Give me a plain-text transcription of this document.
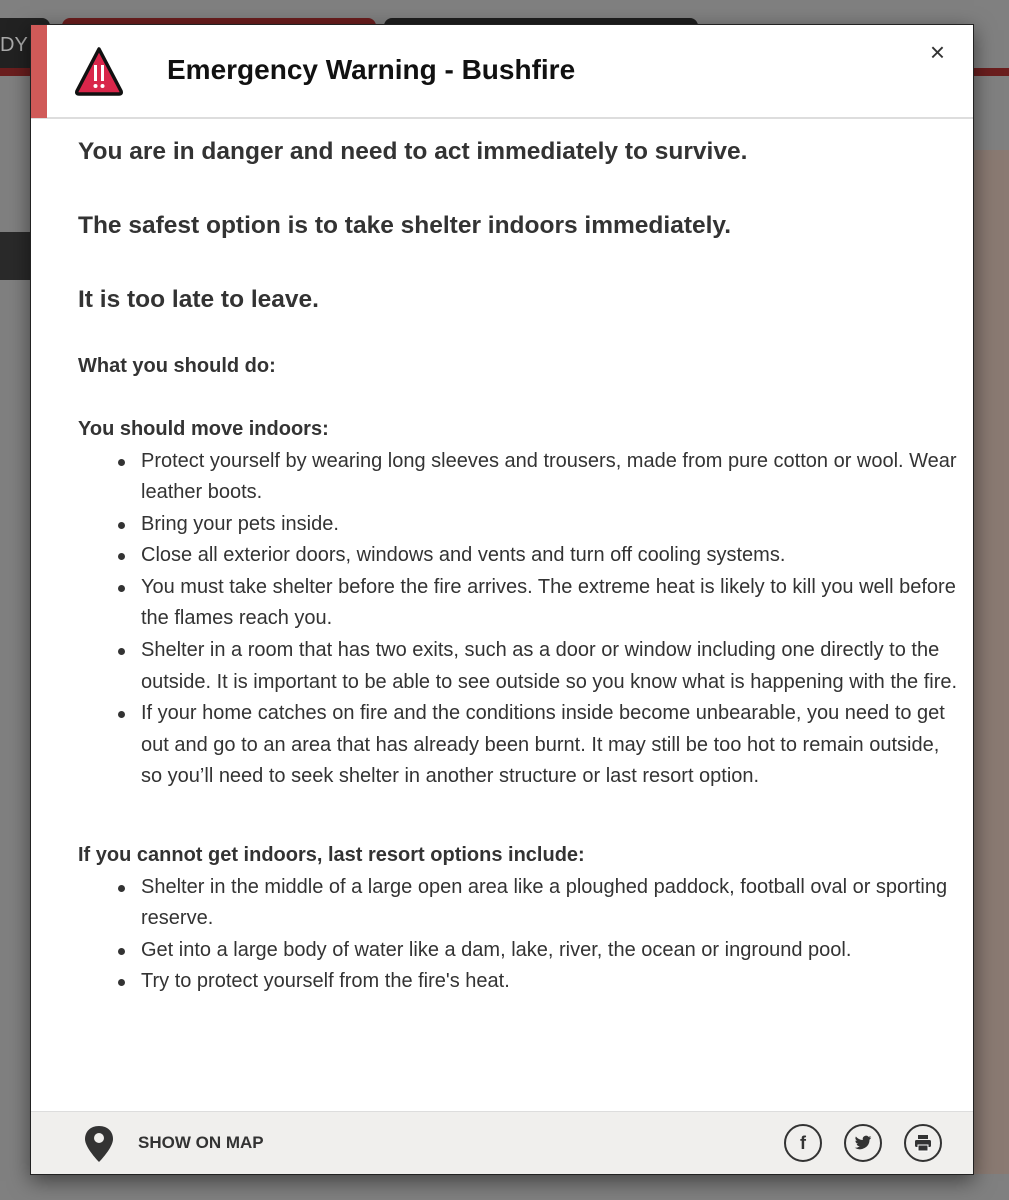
DY
Emergency Warning - Bushfire
×
You are in danger and need to act immediately to survive.
The safest option is to take shelter indoors immediately.
It is too late to leave.
What you should do:
You should move indoors:
Protect yourself by wearing long sleeves and trousers, made from pure cotton or wool. Wear leather boots.
Bring your pets inside.
Close all exterior doors, windows and vents and turn off cooling systems.
You must take shelter before the fire arrives. The extreme heat is likely to kill you well before the flames reach you.
Shelter in a room that has two exits, such as a door or window including one directly to the outside. It is important to be able to see outside so you know what is happening with the fire.
If your home catches on fire and the conditions inside become unbearable, you need to get out and go to an area that has already been burnt. It may still be too hot to remain outside, so you’ll need to seek shelter in another structure or last resort option.
If you cannot get indoors, last resort options include:
Shelter in the middle of a large open area like a ploughed paddock, football oval or sporting reserve.
Get into a large body of water like a dam, lake, river, the ocean or inground pool.
Try to protect yourself from the fire's heat.
SHOW ON MAP	f
